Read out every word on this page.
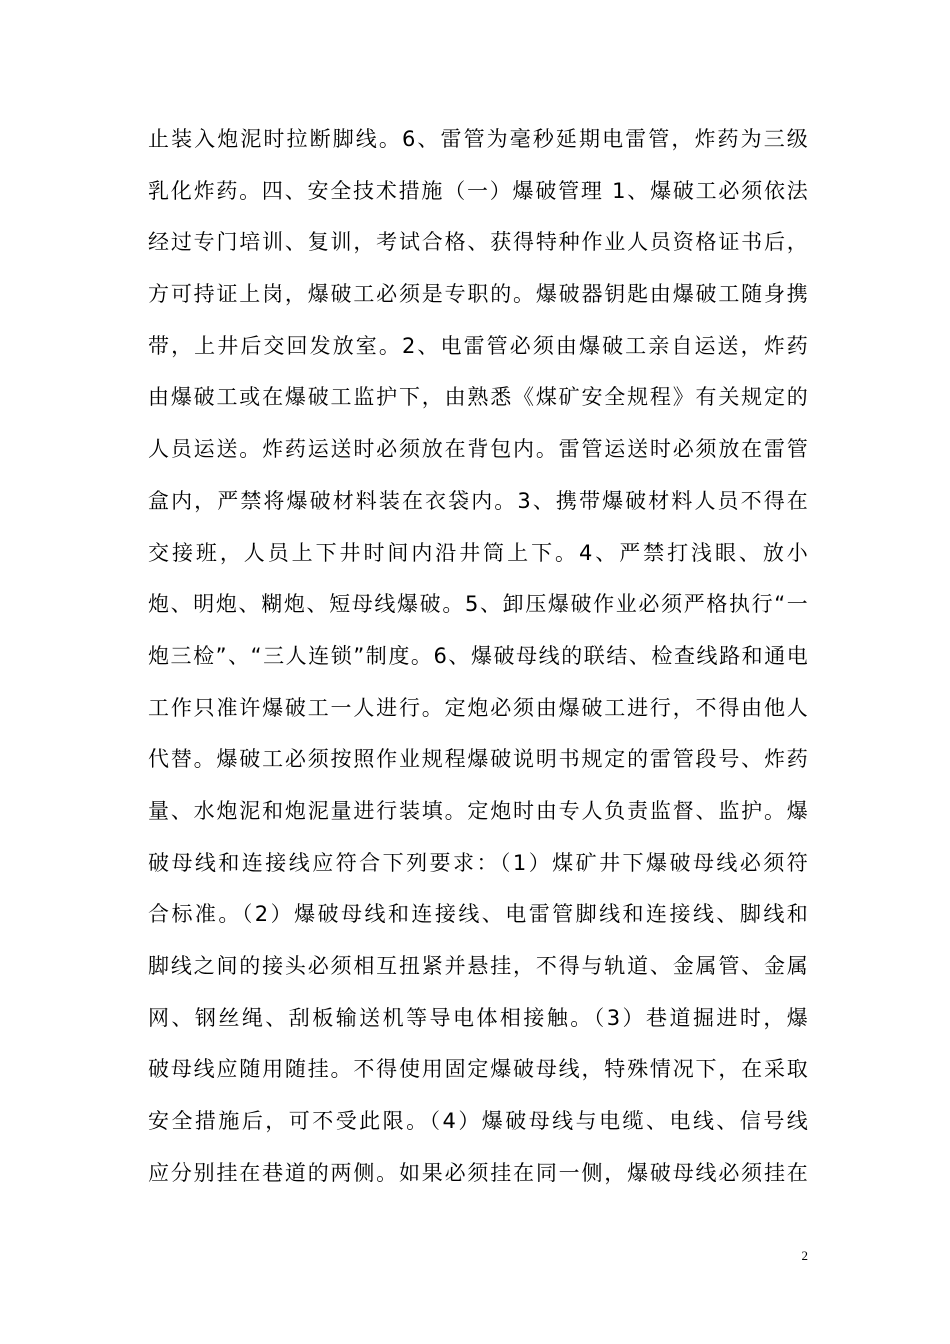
止装入炮泥时拉断脚线。6、雷管为毫秒延期电雷管，炸药为三级
乳化炸药。四、安全技术措施（一）爆破管理 1、爆破工必须依法
经过专门培训、复训，考试合格、获得特种作业人员资格证书后，
方可持证上岗，爆破工必须是专职的。爆破器钥匙由爆破工随身携
带，上井后交回发放室。2、电雷管必须由爆破工亲自运送，炸药
由爆破工或在爆破工监护下，由熟悉《煤矿安全规程》有关规定的
人员运送。炸药运送时必须放在背包内。雷管运送时必须放在雷管
盒内，严禁将爆破材料装在衣袋内。3、携带爆破材料人员不得在
交接班，人员上下井时间内沿井筒上下。4、严禁打浅眼、放小
炮、明炮、糊炮、短母线爆破。5、卸压爆破作业必须严格执行“一
炮三检”、“三人连锁”制度。6、爆破母线的联结、检查线路和通电
工作只准许爆破工一人进行。定炮必须由爆破工进行，不得由他人
代替。爆破工必须按照作业规程爆破说明书规定的雷管段号、炸药
量、水炮泥和炮泥量进行装填。定炮时由专人负责监督、监护。爆
破母线和连接线应符合下列要求：（1）煤矿井下爆破母线必须符
合标准。（2）爆破母线和连接线、电雷管脚线和连接线、脚线和
脚线之间的接头必须相互扭紧并悬挂，不得与轨道、金属管、金属
网、钢丝绳、刮板输送机等导电体相接触。（3）巷道掘进时，爆
破母线应随用随挂。不得使用固定爆破母线，特殊情况下，在采取
安全措施后，可不受此限。（4）爆破母线与电缆、电线、信号线
应分别挂在巷道的两侧。如果必须挂在同一侧，爆破母线必须挂在
2
